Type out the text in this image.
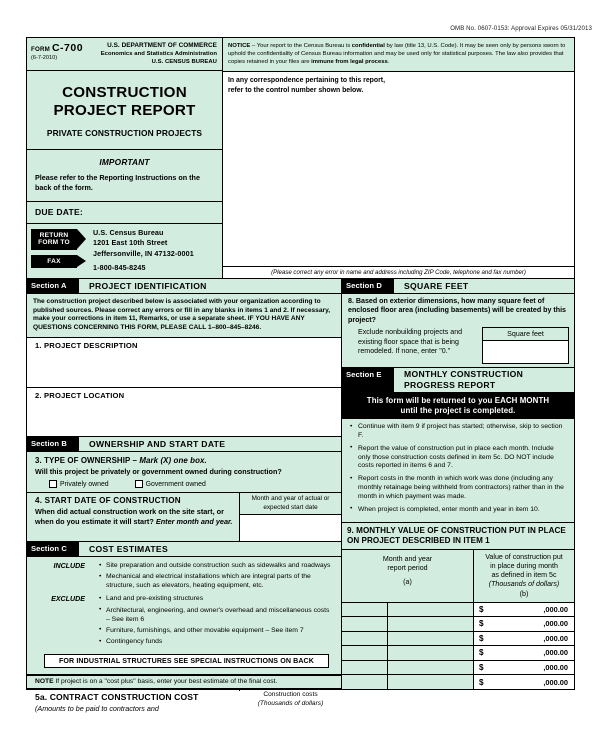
FORM C-700
(6-7-2010)
U.S. DEPARTMENT OF COMMERCE
Economics and Statistics Administration
U.S. CENSUS BUREAU
CONSTRUCTION
PROJECT REPORT
PRIVATE CONSTRUCTION PROJECTS
IMPORTANT
Please refer to the Reporting Instructions on the back of the form.
DUE DATE:
RETURN
FORM TO
FAX
U.S. Census Bureau
1201 East 10th Street
Jeffersonville, IN 47132-0001
1-800-845-8245
NOTICE – Your report to the Census Bureau is confidential by law (title 13, U.S. Code). It may be seen only by persons sworn to uphold the confidentiality of Census Bureau information and may be used only for statistical purposes. The law also provides that copies retained in your files are immune from legal process.
In any correspondence pertaining to this report,
refer to the control number shown below.
(Please correct any error in name and address including ZIP Code, telephone and fax number)
Section A	PROJECT IDENTIFICATION
The construction project described below is associated with your organization according to published sources. Please correct any errors or fill in any blanks in items 1 and 2. If necessary, make your corrections in item 11, Remarks, or use a separate sheet. IF YOU HAVE ANY QUESTIONS CONCERNING THIS FORM, PLEASE CALL 1–800–845–8246.
1. PROJECT DESCRIPTION
2. PROJECT LOCATION
Section B	OWNERSHIP AND START DATE
3. TYPE OF OWNERSHIP – Mark (X) one box.
Will this project be privately or government owned during construction?
Privately owned	Government owned
4. START DATE OF CONSTRUCTION
When did actual construction work on the site start, or when do you estimate it will start? Enter month and year.
Month and year of actual or expected start date
Section C	COST ESTIMATES
INCLUDE	
•Site preparation and outside construction such as sidewalks and roadways
• Mechanical and electrical installations which are integral parts of the structure, such as elevators, heating equipment, etc.

EXCLUDE	
•Land and pre-existing structures
• Architectural, engineering, and owner's overhead and miscellaneous costs – See item 6
• Furniture, furnishings, and other movable equipment – See item 7
• Contingency funds
FOR INDUSTRIAL STRUCTURES SEE SPECIAL INSTRUCTIONS ON BACK
NOTE If project is on a "cost plus" basis, enter your best estimate of the final cost.
5a. CONTRACT CONSTRUCTION COST
(Amounts to be paid to contractors and
Construction costs
(Thousands of dollars)
Section D	SQUARE FEET
8. Based on exterior dimensions, how many square feet of enclosed floor area (including basements) will be created by this project?
Exclude nonbuilding projects and existing floor space that is being remodeled. If none, enter "0."
Square feet
Section E	MONTHLY CONSTRUCTION
PROGRESS REPORT
This form will be returned to you EACH MONTH
until the project is completed.
• Continue with item 9 if project has started; otherwise, skip to section F.
• Report the value of construction put in place each month. Include only those construction costs defined in item 5c. DO NOT include costs reported in items 6 and 7.
• Report costs in the month in which work was done (including any monthly retainage being withheld from contractors) rather than in the month in which payment was made.
• When project is completed, enter month and year in item 10.
9. MONTHLY VALUE OF CONSTRUCTION PUT IN PLACE ON PROJECT DESCRIBED IN ITEM 1
Month and year
report period
(a)
Value of construction put
in place during month
as defined in item 5c
(Thousands of dollars)
(b)
$	,000.00
$	,000.00
$	,000.00
$	,000.00
$	,000.00
$	,000.00
OMB No. 0607-0153: Approval Expires 05/31/2013
